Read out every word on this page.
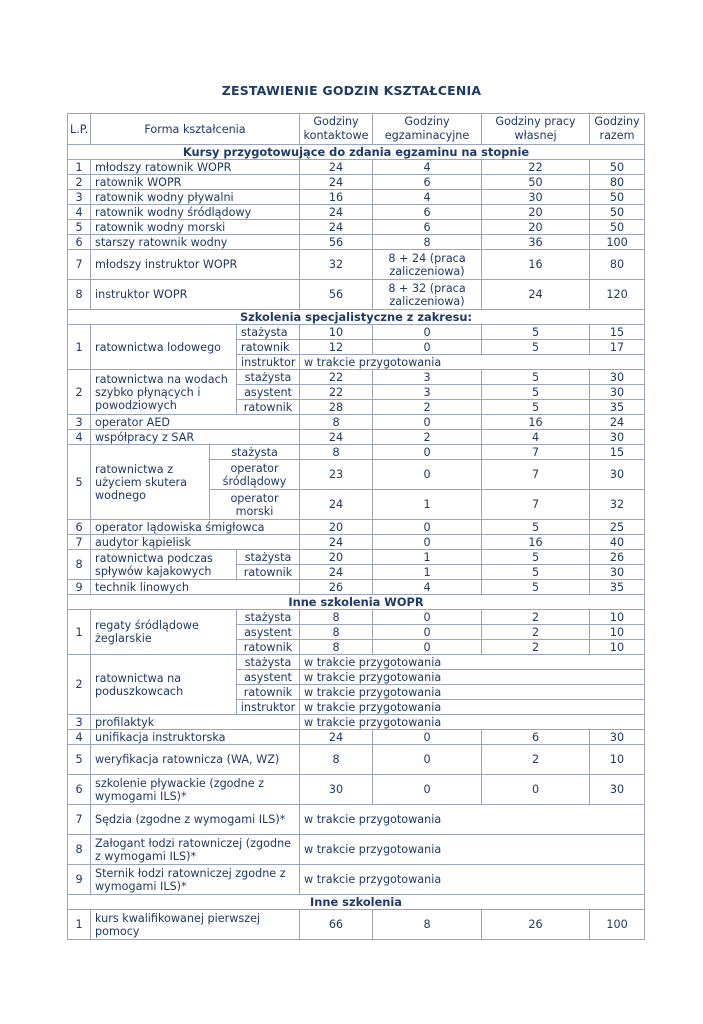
ZESTAWIENIE GODZIN KSZTAŁCENIA
L.P.	Forma kształcenia			Godziny kontaktowe	Godziny egzaminacyjne	Godziny pracy własnej	Godziny razem
Kursy przygotowujące do zdania egzaminu na stopnie							
1	młodszy ratownik WOPR			24	4	22	50
2	ratownik WOPR			24	6	50	80
3	ratownik wodny pływalni			16	4	30	50
4	ratownik wodny śródlądowy			24	6	20	50
5	ratownik wodny morski			24	6	20	50
6	starszy ratownik wodny			56	8	36	100
7	młodszy instruktor WOPR			32	8 + 24 (praca zaliczeniowa)	16	80
8	instruktor WOPR			56	8 + 32 (praca zaliczeniowa)	24	120
Szkolenia specjalistyczne z zakresu:							
1	ratownictwa lodowego		stażysta	10	0	5	15
			ratownik	12	0	5	17
			instruktor	w trakcie przygotowania			
2	ratownictwa na wodach szybko płynących i powodziowych		stażysta	22	3	5	30
			asystent	22	3	5	30
			ratownik	28	2	5	35
3	operator AED			8	0	16	24
4	współpracy z SAR			24	2	4	30
5	ratownictwa z użyciem skutera wodnego	stażysta		8	0	7	15
		operator śródlądowy		23	0	7	30
		operator morski		24	1	7	32
6	operator lądowiska śmigłowca			20	0	5	25
7	audytor kąpielisk			24	0	16	40
8	ratownictwa podczas spływów kajakowych		stażysta	20	1	5	26
			ratownik	24	1	5	30
9	technik linowych			26	4	5	35
Inne szkolenia WOPR							
1	regaty śródlądowe żeglarskie		stażysta	8	0	2	10
			asystent	8	0	2	10
			ratownik	8	0	2	10
2	ratownictwa na poduszkowcach		stażysta	w trakcie przygotowania			
			asystent	w trakcie przygotowania			
			ratownik	w trakcie przygotowania			
			instruktor	w trakcie przygotowania			
3	profilaktyk			w trakcie przygotowania			
4	unifikacja instruktorska			24	0	6	30
5	weryfikacja ratownicza (WA, WZ)			8	0	2	10
6	szkolenie pływackie (zgodne z wymogami ILS)*			30	0	0	30
7	Sędzia (zgodne z wymogami ILS)*			w trakcie przygotowania			
8	Załogant łodzi ratowniczej (zgodne z wymogami ILS)*			w trakcie przygotowania			
9	Sternik łodzi ratowniczej zgodne z wymogami ILS)*			w trakcie przygotowania			
Inne szkolenia							
1	kurs kwalifikowanej pierwszej pomocy			66	8	26	100
